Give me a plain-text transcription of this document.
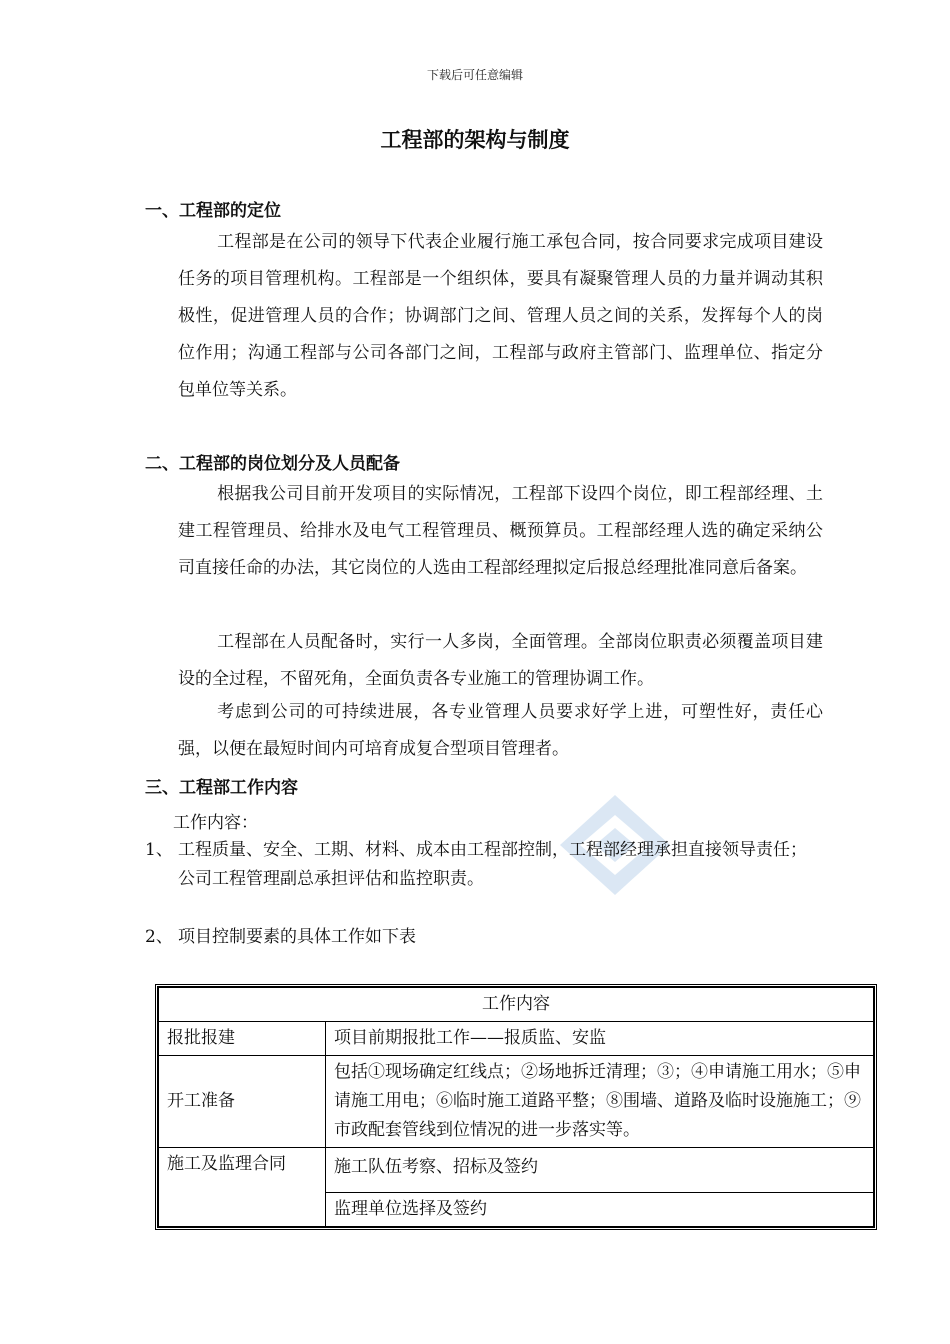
下载后可任意编辑
工程部的架构与制度
一、工程部的定位
工程部是在公司的领导下代表企业履行施工承包合同，按合同要求完成项目建设任务的项目管理机构。工程部是一个组织体，要具有凝聚管理人员的力量并调动其积极性，促进管理人员的合作；协调部门之间、管理人员之间的关系，发挥每个人的岗位作用；沟通工程部与公司各部门之间，工程部与政府主管部门、监理单位、指定分包单位等关系。
二、工程部的岗位划分及人员配备
根据我公司目前开发项目的实际情况，工程部下设四个岗位，即工程部经理、土建工程管理员、给排水及电气工程管理员、概预算员。工程部经理人选的确定采纳公司直接任命的办法，其它岗位的人选由工程部经理拟定后报总经理批准同意后备案。
工程部在人员配备时，实行一人多岗，全面管理。全部岗位职责必须覆盖项目建设的全过程，不留死角，全面负责各专业施工的管理协调工作。
考虑到公司的可持续进展，各专业管理人员要求好学上进，可塑性好，责任心强，以便在最短时间内可培育成复合型项目管理者。
三、工程部工作内容
工作内容：
1、 工程质量、安全、工期、材料、成本由工程部控制，工程部经理承担直接领导责任；公司工程管理副总承担评估和监控职责。
2、 项目控制要素的具体工作如下表
工作内容	
报批报建	项目前期报批工作——报质监、安监
开工准备	包括①现场确定红线点；②场地拆迁清理；③；④申请施工用水；⑤申请施工用电；⑥临时施工道路平整；⑧围墙、道路及临时设施施工；⑨市政配套管线到位情况的进一步落实等。
施工及监理合同	施工队伍考察、招标及签约
	监理单位选择及签约
